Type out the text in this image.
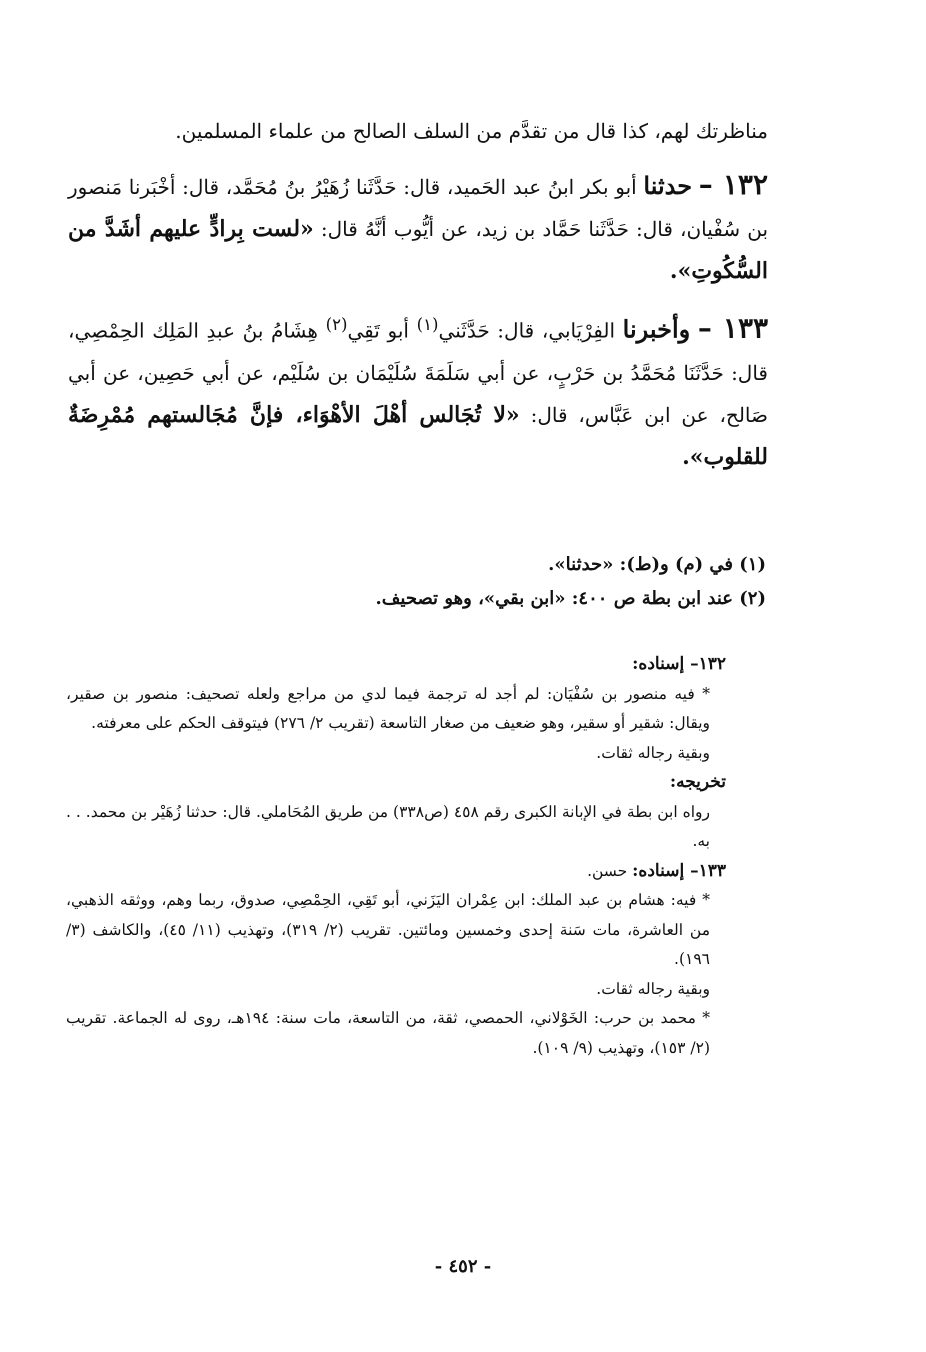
مناظرتك لهم، كذا قال من تقدَّم من السلف الصالح من علماء المسلمين.

١٣٢ – حدثنا أبو بكر ابنُ عبد الحَميد، قال: حَدَّثَنا زُهَيْرُ بنُ مُحَمَّد، قال: أخْبَرنا مَنصور بن سُفْيان، قال: حَدَّثَنا حَمَّاد بن زيد، عن أيُّوب أنَّهُ قال: «لست بِرادٍّ عليهم أشَدَّ من السُّكُوتِ».

١٣٣ – وأخبرنا الفِرْيَابي، قال: حَدَّثَني$^{(١)}$ أبو تَقِي$^{(٢)}$ هِشَامُ بنُ عبدِ المَلِك الحِمْصِي، قال: حَدَّثَنَا مُحَمَّدُ بن حَرْبٍ، عن أبي سَلَمَةَ سُلَيْمَان بن سُلَيْم، عن أبي حَصِين، عن أبي صَالح، عن ابن عَبَّاس، قال: «لا تُجَالس أهْلَ الأهْوَاء، فإنَّ مُجَالستهم مُمْرِضَةٌ للقلوب».

(١) في (م) و(ط): «حدثنا».
(٢) عند ابن بطة ص ٤٠٠: «ابن بقي»، وهو تصحيف.
١٣٢– إسناده:
* فيه منصور بن سُفْيَان: لم أجد له ترجمة فيما لدي من مراجع ولعله تصحيف: منصور بن صقير، ويقال: شقير أو سقير، وهو ضعيف من صغار التاسعة (تقريب ٢/ ٢٧٦) فيتوقف الحكم على معرفته.
وبقية رجاله ثقات.
تخريجه:
رواه ابن بطة في الإبانة الكبرى رقم ٤٥٨ (ص٣٣٨) من طريق المُحَاملي. قال: حدثنا زُهَيْر بن محمد. . . به.
١٣٣– إسناده: حسن.
* فيه: هشام بن عبد الملك: ابن عِمْران اليَزَني، أبو تَقِي، الحِمْصِي، صدوق، ربما وهم، ووثقه الذهبي، من العاشرة، مات سَنة إحدى وخمسين ومائتين. تقريب (٢/ ٣١٩)، وتهذيب (١١/ ٤٥)، والكاشف (٣/ ١٩٦).
وبقية رجاله ثقات.
* محمد بن حرب: الخَوْلاني، الحمصي، ثقة، من التاسعة، مات سنة: ١٩٤هـ، روى له الجماعة. تقريب (٢/ ١٥٣)، وتهذيب (٩/ ١٠٩).
- ٤٥٢ -
